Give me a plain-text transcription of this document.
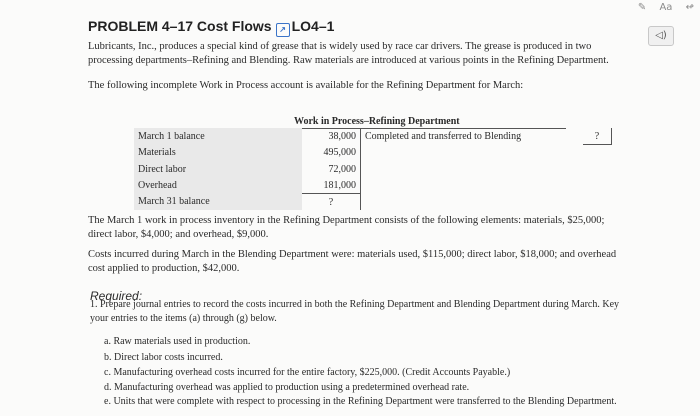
✎ Aa ↫
◁)
PROBLEM 4–17 Cost Flows ↗ LO4–1
Lubricants, Inc., produces a special kind of grease that is widely used by race car drivers. The grease is produced in two processing departments–Refining and Blending. Raw materials are introduced at various points in the Refining Department.
The following incomplete Work in Process account is available for the Refining Department for March:
Work in Process–Refining Department
March 1 balance	38,000	Completed and transferred to Blending	?
Materials	495,000		
Direct labor	72,000		
Overhead	181,000		
March 31 balance	?		
The March 1 work in process inventory in the Refining Department consists of the following elements: materials, $25,000; direct labor, $4,000; and overhead, $9,000.
Costs incurred during March in the Blending Department were: materials used, $115,000; direct labor, $18,000; and overhead cost applied to production, $42,000.
Required:
1. Prepare journal entries to record the costs incurred in both the Refining Department and Blending Department during March. Key your entries to the items (a) through (g) below.
a. Raw materials used in production.
b. Direct labor costs incurred.
c. Manufacturing overhead costs incurred for the entire factory, $225,000. (Credit Accounts Payable.)
d. Manufacturing overhead was applied to production using a predetermined overhead rate.
e. Units that were complete with respect to processing in the Refining Department were transferred to the Blending Department.
